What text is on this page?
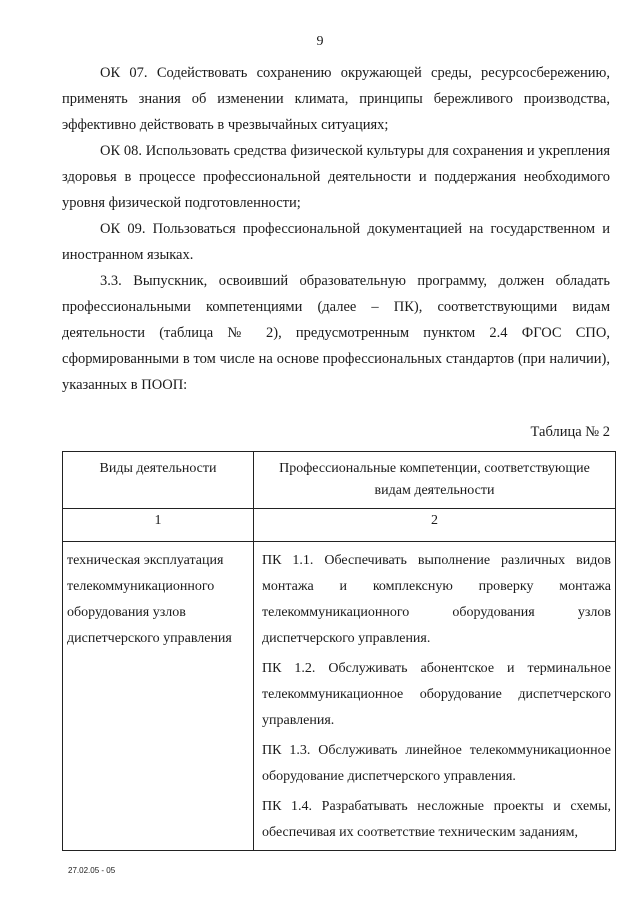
9

ОК 07. Содействовать сохранению окружающей среды, ресурсосбережению, применять знания об изменении климата, принципы бережливого производства, эффективно действовать в чрезвычайных ситуациях;

ОК 08. Использовать средства физической культуры для сохранения и укрепления здоровья в процессе профессиональной деятельности и поддержания необходимого уровня физической подготовленности;

ОК 09. Пользоваться профессиональной документацией на государственном и иностранном языках.

3.3. Выпускник, освоивший образовательную программу, должен обладать профессиональными компетенциями (далее – ПК), соответствующими видам деятельности (таблица № 2), предусмотренным пунктом 2.4 ФГОС СПО, сформированными в том числе на основе профессиональных стандартов (при наличии), указанных в ПООП:

Таблица № 2
Виды деятельности	Профессиональные компетенции, соответствующие видам деятельности
1	2
техническая эксплуатация телекоммуникационного оборудования узлов диспетчерского управления	ПК 1.1. Обеспечивать выполнение различных видов монтажа и комплексную проверку монтажа телекоммуникационного оборудования узлов диспетчерского управления.

ПК 1.2. Обслуживать абонентское и терминальное телекоммуникационное оборудование диспетчерского управления.

ПК 1.3. Обслуживать линейное телекоммуникационное оборудование диспетчерского управления.

ПК 1.4. Разрабатывать несложные проекты и схемы, обеспечивая их соответствие техническим заданиям,

27.02.05 - 05
